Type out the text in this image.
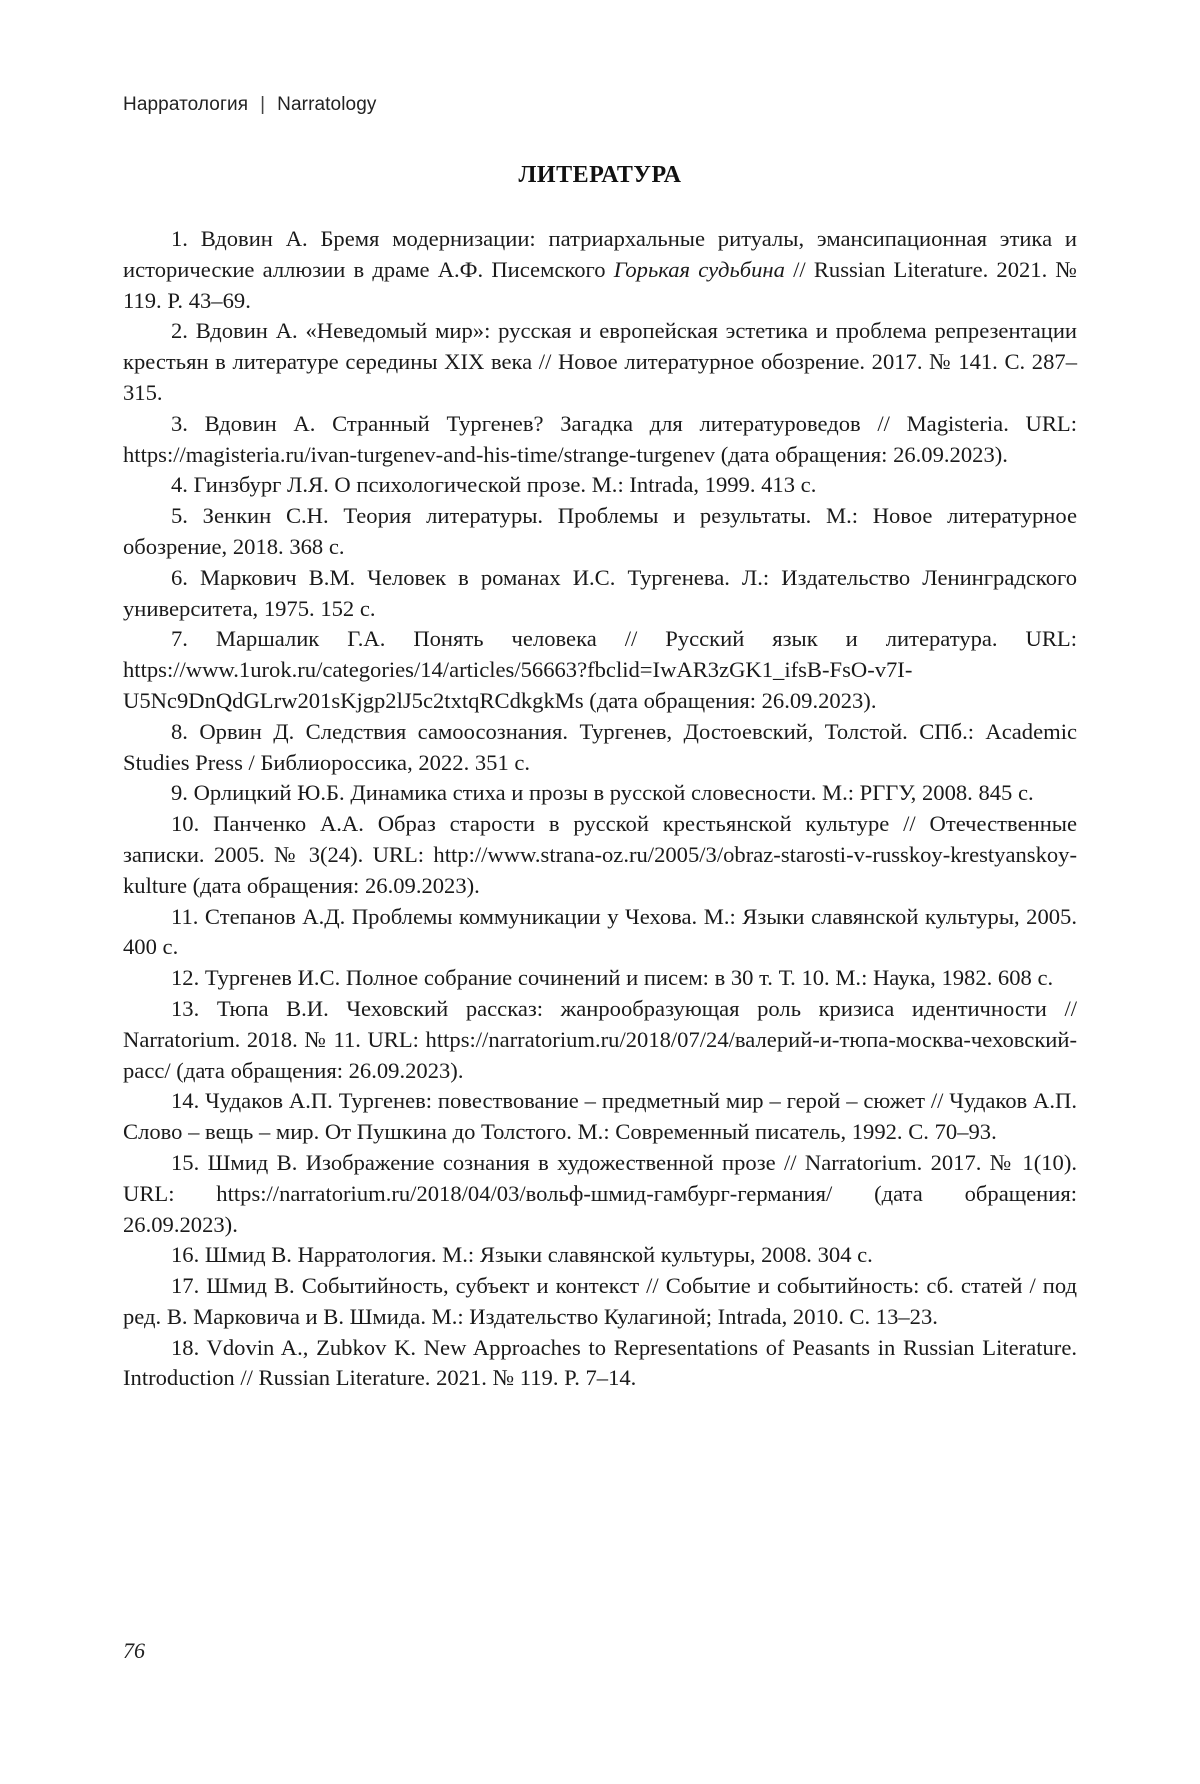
Нарратология | Narratology
ЛИТЕРАТУРА
1. Вдовин А. Бремя модернизации: патриархальные ритуалы, эмансипационная этика и исторические аллюзии в драме А.Ф. Писемского Горькая судьбина // Russian Literature. 2021. № 119. P. 43–69.
2. Вдовин А. «Неведомый мир»: русская и европейская эстетика и проблема репрезентации крестьян в литературе середины XIX века // Новое литературное обозрение. 2017. № 141. С. 287–315.
3. Вдовин А. Странный Тургенев? Загадка для литературоведов // Magisteria. URL: https://magisteria.ru/ivan-turgenev-and-his-time/strange-turgenev (дата обращения: 26.09.2023).
4. Гинзбург Л.Я. О психологической прозе. М.: Intrada, 1999. 413 с.
5. Зенкин С.Н. Теория литературы. Проблемы и результаты. М.: Новое литературное обозрение, 2018. 368 с.
6. Маркович В.М. Человек в романах И.С. Тургенева. Л.: Издательство Ленинградского университета, 1975. 152 с.
7. Маршалик Г.А. Понять человека // Русский язык и литература. URL: https://www.1urok.ru/categories/14/articles/56663?fbclid=IwAR3zGK1_ifsB-FsO-v7I-U5Nc9DnQdGLrw201sKjgp2lJ5c2txtqRCdkgkMs (дата обращения: 26.09.2023).
8. Орвин Д. Следствия самоосознания. Тургенев, Достоевский, Толстой. СПб.: Academic Studies Press / Библиороссика, 2022. 351 с.
9. Орлицкий Ю.Б. Динамика стиха и прозы в русской словесности. М.: РГГУ, 2008. 845 с.
10. Панченко А.А. Образ старости в русской крестьянской культуре // Отечественные записки. 2005. № 3(24). URL: http://www.strana-oz.ru/2005/3/obraz-starosti-v-russkoy-krestyanskoy-kulture (дата обращения: 26.09.2023).
11. Степанов А.Д. Проблемы коммуникации у Чехова. М.: Языки славянской культуры, 2005. 400 с.
12. Тургенев И.С. Полное собрание сочинений и писем: в 30 т. Т. 10. М.: Наука, 1982. 608 с.
13. Тюпа В.И. Чеховский рассказ: жанрообразующая роль кризиса идентичности // Narratorium. 2018. № 11. URL: https://narratorium.ru/2018/07/24/валерий-и-тюпа-москва-чеховский-расс/ (дата обращения: 26.09.2023).
14. Чудаков А.П. Тургенев: повествование – предметный мир – герой – сюжет // Чудаков А.П. Слово – вещь – мир. От Пушкина до Толстого. М.: Современный писатель, 1992. С. 70–93.
15. Шмид В. Изображение сознания в художественной прозе // Narratorium. 2017. № 1(10). URL: https://narratorium.ru/2018/04/03/вольф-шмид-гамбург-германия/ (дата обращения: 26.09.2023).
16. Шмид В. Нарратология. М.: Языки славянской культуры, 2008. 304 с.
17. Шмид В. Событийность, субъект и контекст // Событие и событийность: сб. статей / под ред. В. Марковича и В. Шмида. М.: Издательство Кулагиной; Intrada, 2010. С. 13–23.
18. Vdovin A., Zubkov K. New Approaches to Representations of Peasants in Russian Literature. Introduction // Russian Literature. 2021. № 119. P. 7–14.
76
